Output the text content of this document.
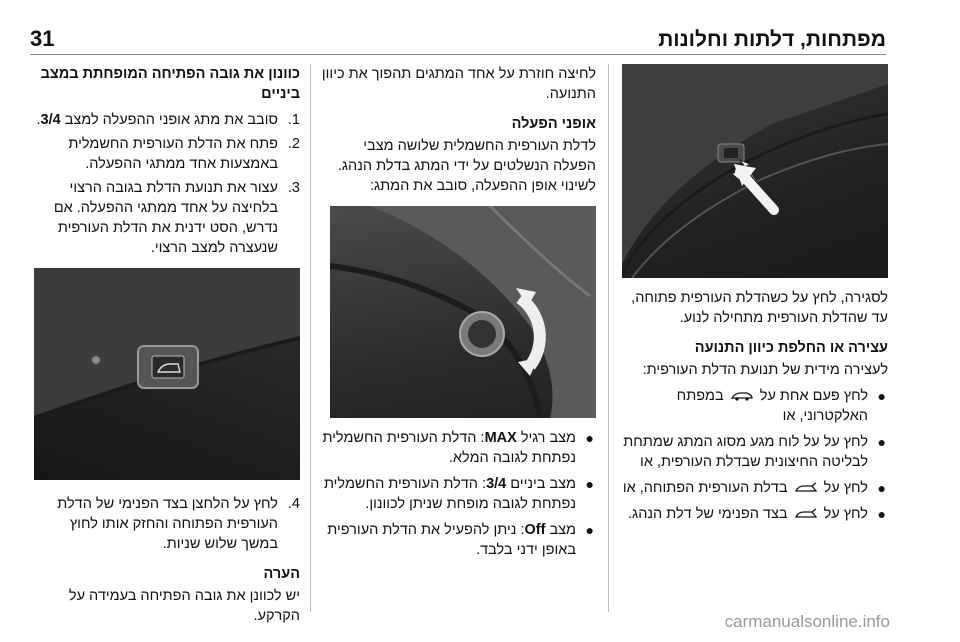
31	מפתחות, דלתות וחלונות

לסגירה, לחץ על כשהדלת העורפית פתוחה, עד שהדלת העורפית מתחילה לנוע.

עצירה או החלפת כיוון התנועה

לעצירה מידית של תנועת הדלת העורפית:

●
לחץ פעם אחת על  במפתח האלקטרוני, או
●
לחץ על על לוח מגע מסוג המתג שמתחת לבליטה החיצונית שבדלת העורפית, או
●
לחץ על  בדלת העורפית הפתוחה, או
●
לחץ על  בצד הפנימי של דלת הנהג.

לחיצה חוזרת על אחד המתגים תהפוך את כיוון התנועה.

אופני הפעלה

לדלת העורפית החשמלית שלושה מצבי הפעלה הנשלטים על ידי המתג בדלת הנהג. לשינוי אופן ההפעלה, סובב את המתג:

●
מצב רגיל MAX: הדלת העורפית החשמלית נפתחת לגובה המלא.
●
מצב ביניים 3/4: הדלת העורפית החשמלית נפתחת לגובה מופחת שניתן לכוונון.
●
מצב Off: ניתן להפעיל את הדלת העורפית באופן ידני בלבד.

כוונון את גובה הפתיחה המופחתת במצב ביניים

1.
סובב את מתג אופני ההפעלה למצב 3/4.
2.
פתח את הדלת העורפית החשמלית באמצעות אחד ממתגי ההפעלה.
3.
עצור את תנועת הדלת בגובה הרצוי בלחיצה על אחד ממתגי ההפעלה. אם נדרש, הסט ידנית את הדלת העורפית שנעצרה למצב הרצוי.
4.
לחץ על הלחצן בצד הפנימי של הדלת העורפית הפתוחה והחזק אותו לחוץ במשך שלוש שניות.

הערה

יש לכוונן את גובה הפתיחה בעמידה על הקרקע.	carmanualsonline.info
